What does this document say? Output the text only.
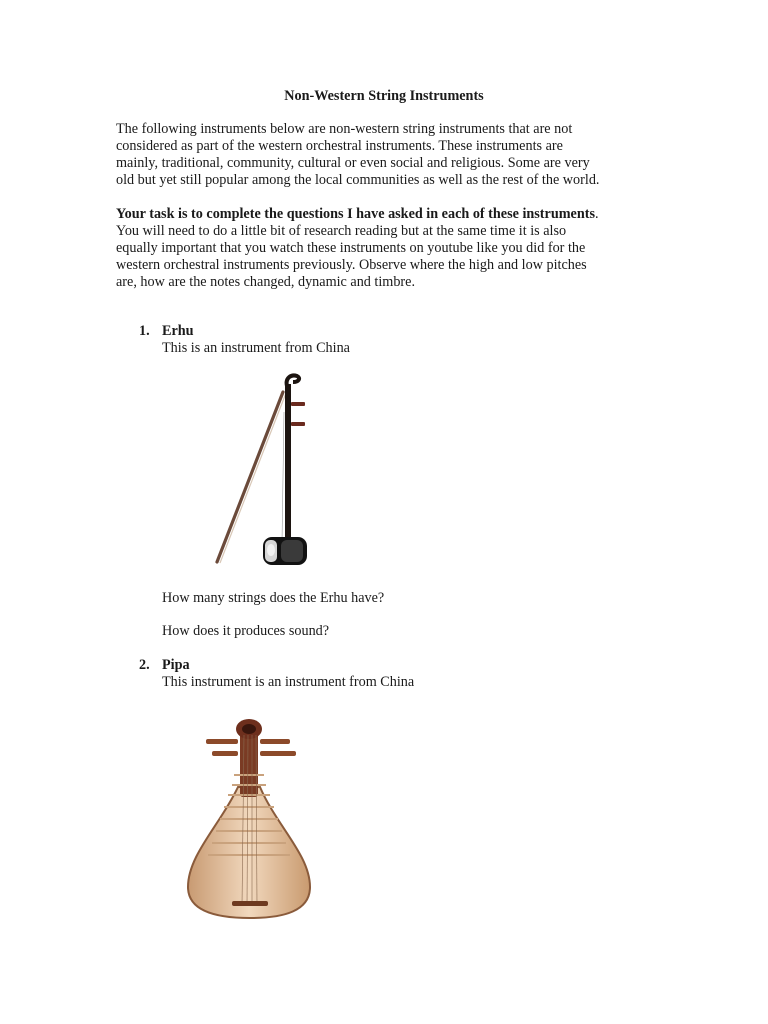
Non-Western String Instruments

The following instruments below are non-western string instruments that are not
considered as part of the western orchestral instruments. These instruments are
mainly, traditional, community, cultural or even social and religious. Some are very
old but yet still popular among the local communities as well as the rest of the world.

Your task is to complete the questions I have asked in each of these instruments.
You will need to do a little bit of research reading but at the same time it is also
equally important that you watch these instruments on youtube like you did for the
western orchestral instruments previously. Observe where the high and low pitches
are, how are the notes changed, dynamic and timbre.

1. Erhu
This is an instrument from China
How many strings does the Erhu have?
How does it produces sound?
2. Pipa
This instrument is an instrument from China
